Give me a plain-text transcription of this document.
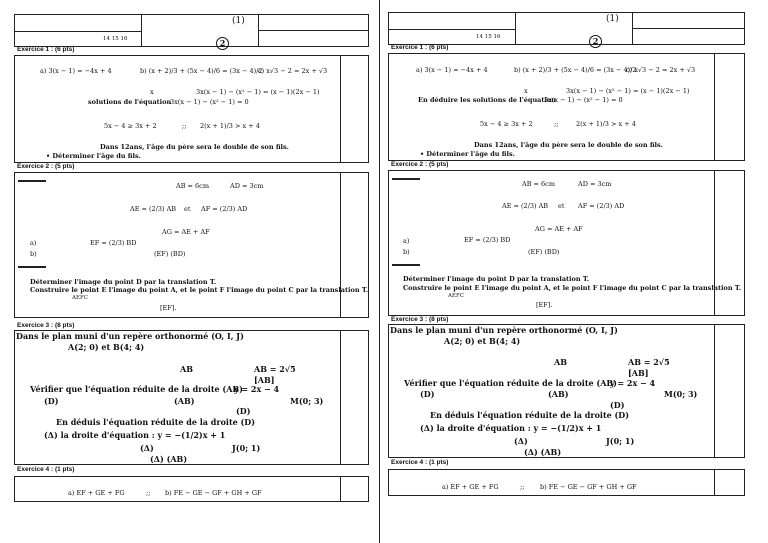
14 15 16
(1)
2
Exercice 1 : (6 pts)
a) 3(x − 1) = −4x + 4	b) (x + 2)/3 + (5x − 4)/6 = (3x − 4)/2
c) x√3 − 2 = 2x + √3
x	3x(x − 1) − (x² − 1) = (x − 1)(2x − 1)
solutions de l'équation
3x(x − 1) − (x² − 1) = 0
5x − 4 ≥ 3x + 2	;; 2(x + 1)/3 > x + 4
Dans 12ans, l'âge du père sera le double de son fils.
• Déterminer l'âge du fils.
Exercice 2 : (5 pts)
AB = 6cm	AD = 3cm
AE = (2/3) AB et AF = (2/3) AD
AG = AE + AF
a)	EF = (2/3) BD
b)	(EF) (BD)
Déterminer l'image du point D par la translation T.
Construire le point E l'image du point A, et le point F l'image du point C par la translation T.
AEFC
[EF].
Exercice 3 : (8 pts)
Dans le plan muni d'un repère orthonormé (O, I, J)
A(2; 0) et B(4; 4)
AB	AB = 2√5
[AB]
Vérifier que l'équation réduite de la droite (AB)
y = 2x − 4
(D)	(AB)	M(0; 3)
(D)
En déduis l'équation réduite de la droite (D)
(Δ) la droite d'équation : y = −(1/2)x + 1
(Δ)	J(0; 1)
(Δ) (AB)
Exercice 4 : (1 pts)
a) EF + GE + FG	;; b) FE − GE − GF + GH + GF
14 15 16
(1)
2
Exercice 1 : (6 pts)
a) 3(x − 1) = −4x + 4	b) (x + 2)/3 + (5x − 4)/6 = (3x − 4)/2
c) x√3 − 2 = 2x + √3
x	3x(x − 1) − (x² − 1) = (x − 1)(2x − 1)
En déduire les solutions de l'équation
3x(x − 1) − (x² − 1) = 0
5x − 4 ≥ 3x + 2	;;	2(x + 1)/3 > x + 4
Dans 12ans, l'âge du père sera le double de son fils.
• Déterminer l'âge du fils.
Exercice 2 : (5 pts)
AB = 6cm	AD = 3cm
AE = (2/3) AB et AF = (2/3) AD
AG = AE + AF
a)	EF = (2/3) BD
b)	(EF) (BD)
Déterminer l'image du point D par la translation T.
Construire le point E l'image du point A, et le point F l'image du point C par la translation T.
AEFC
[EF].
Exercice 3 : (8 pts)
Dans le plan muni d'un repère orthonormé (O, I, J)
A(2; 0) et B(4; 4)
AB	AB = 2√5
[AB]
Vérifier que l'équation réduite de la droite (AB)
y = 2x − 4
(D)	(AB)	M(0; 3)
(D)
En déduis l'équation réduite de la droite (D)
(Δ) la droite d'équation : y = −(1/2)x + 1
(Δ)	J(0; 1)
(Δ) (AB)
Exercice 4 : (1 pts)
a) EF + GE + FG	;; b) FE − GE − GF + GH + GF
